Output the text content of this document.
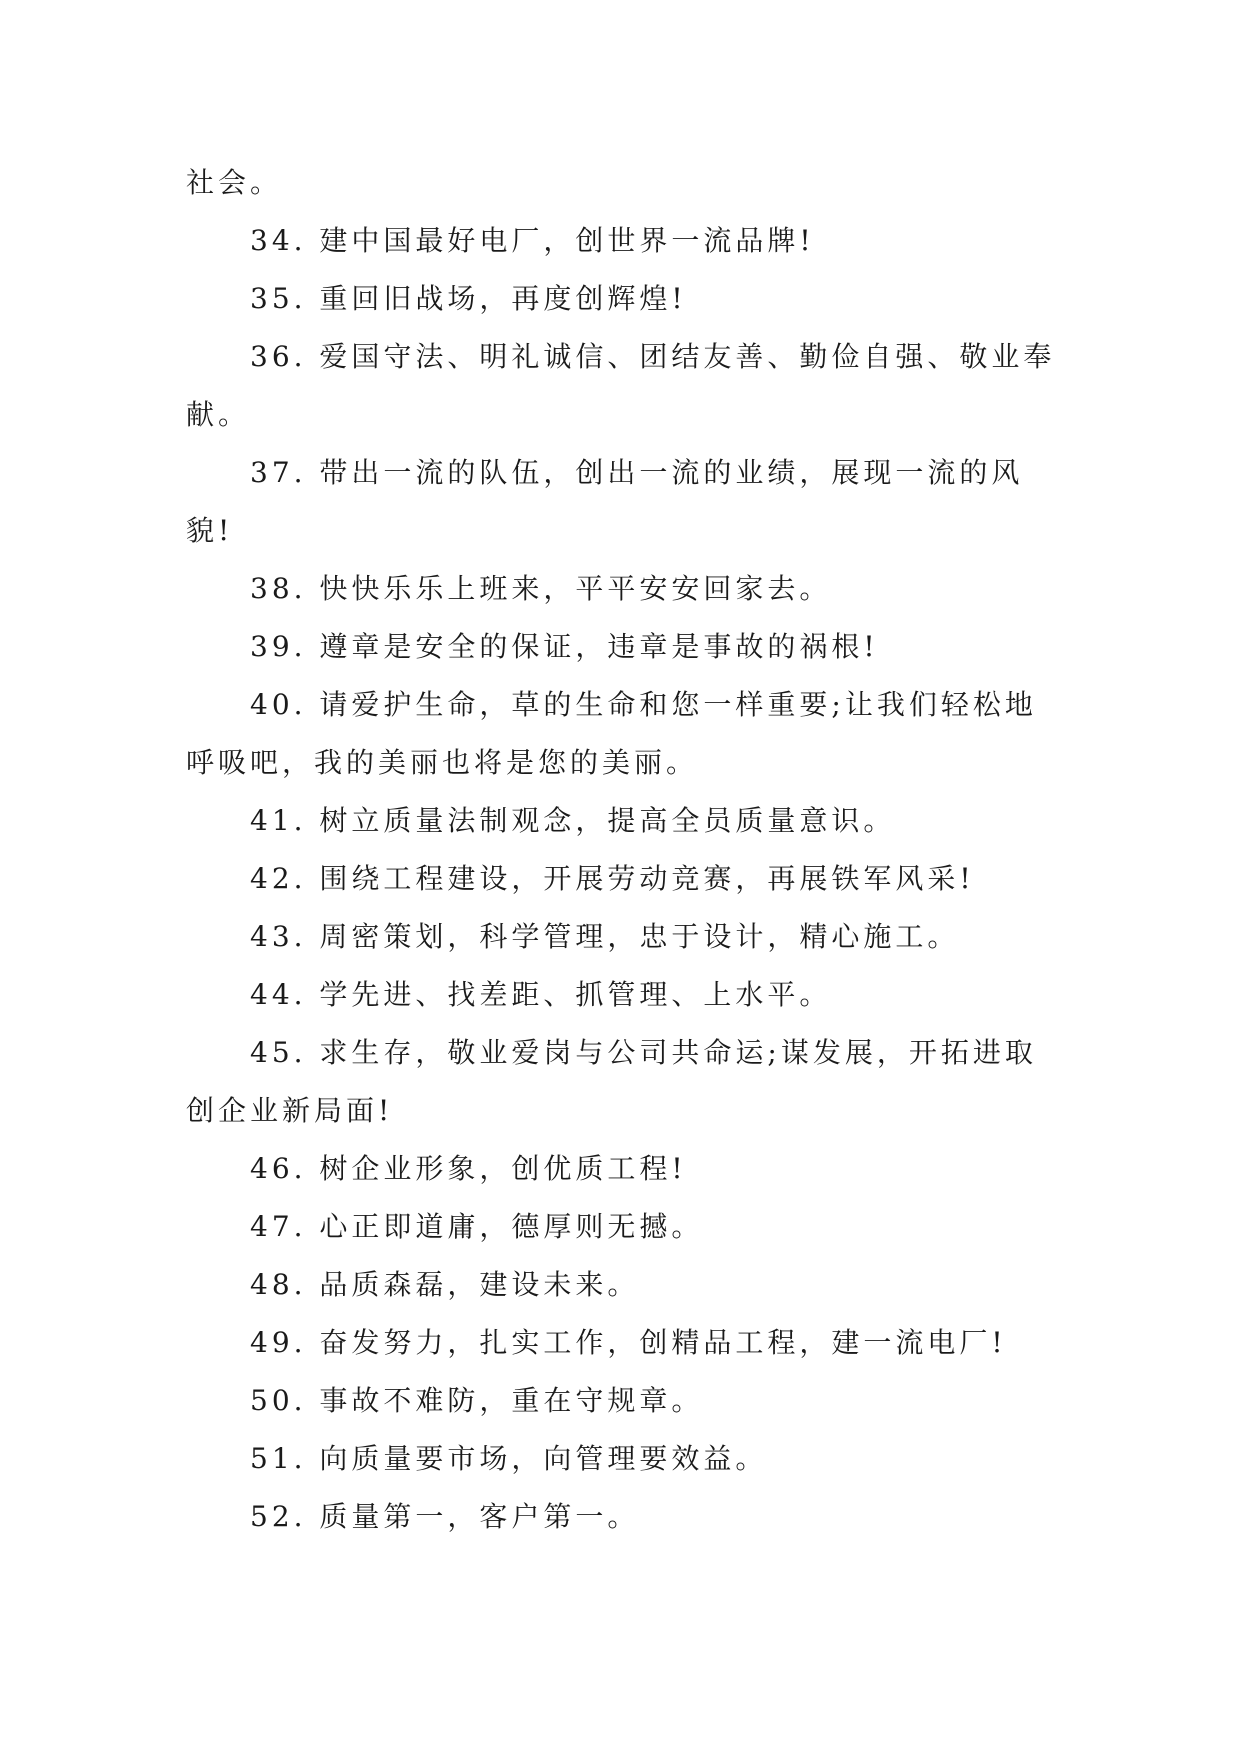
社会。

34. 建中国最好电厂，创世界一流品牌!

35. 重回旧战场，再度创辉煌!

36. 爱国守法、明礼诚信、团结友善、勤俭自强、敬业奉献。

37. 带出一流的队伍，创出一流的业绩，展现一流的风貌!

38. 快快乐乐上班来，平平安安回家去。

39. 遵章是安全的保证，违章是事故的祸根!

40. 请爱护生命，草的生命和您一样重要;让我们轻松地呼吸吧，我的美丽也将是您的美丽。

41. 树立质量法制观念，提高全员质量意识。

42. 围绕工程建设，开展劳动竞赛，再展铁军风采!

43. 周密策划，科学管理，忠于设计，精心施工。

44. 学先进、找差距、抓管理、上水平。

45. 求生存，敬业爱岗与公司共命运;谋发展，开拓进取创企业新局面!

46. 树企业形象，创优质工程!

47. 心正即道庸，德厚则无撼。

48. 品质森磊，建设未来。

49. 奋发努力，扎实工作，创精品工程，建一流电厂!

50. 事故不难防，重在守规章。

51. 向质量要市场，向管理要效益。

52. 质量第一，客户第一。
